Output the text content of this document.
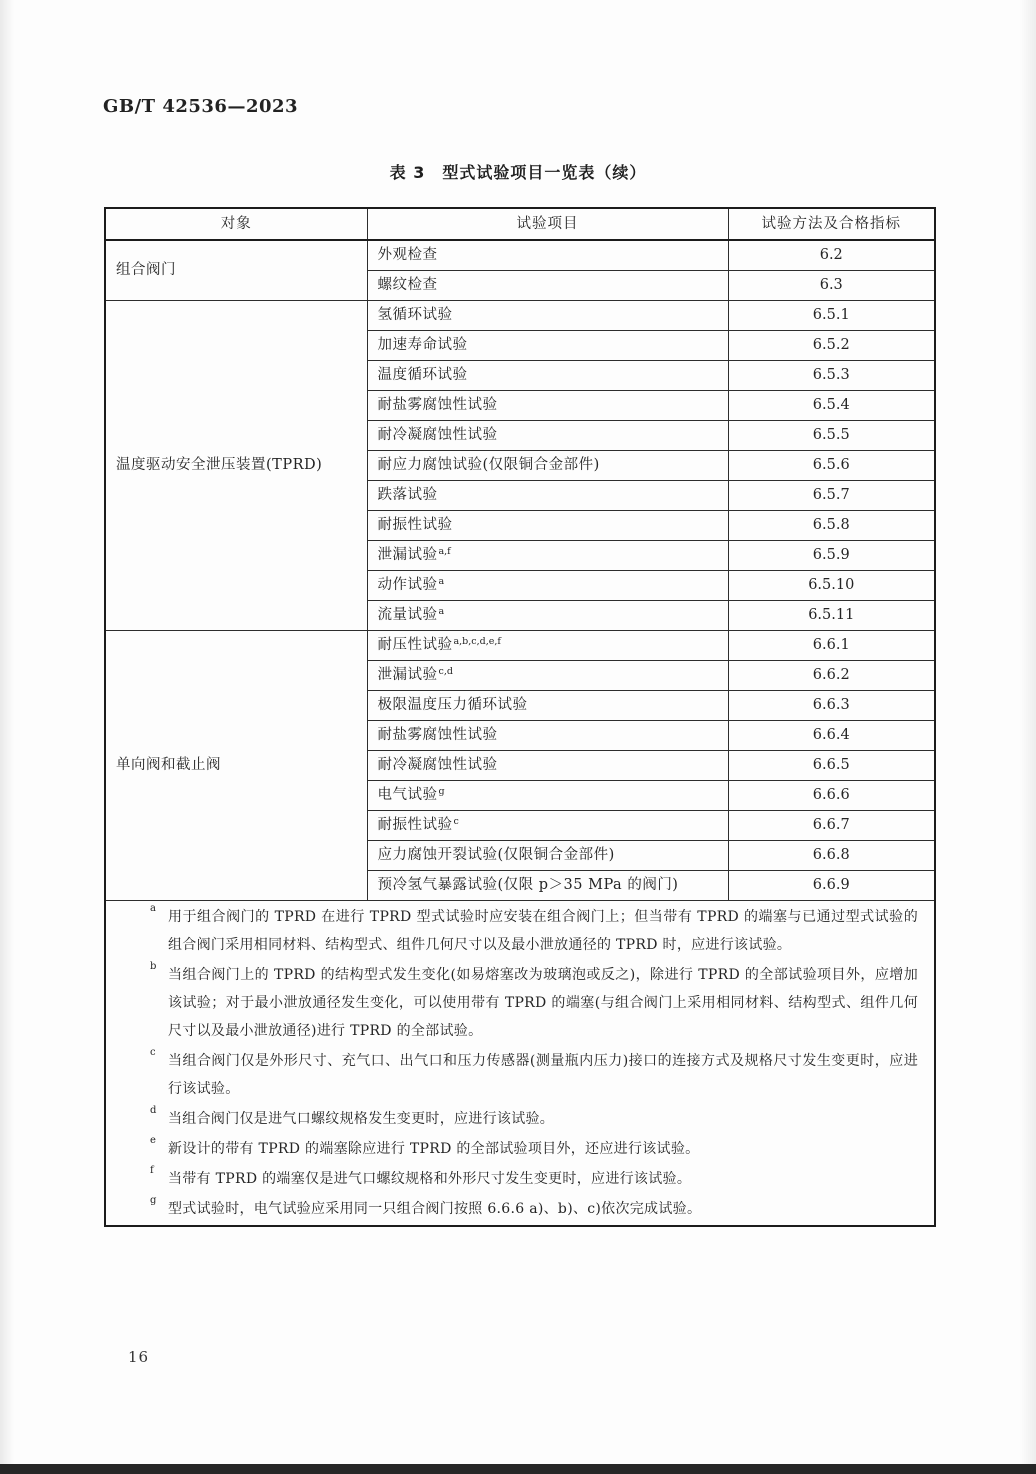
GB/T 42536—2023
表 3　型式试验项目一览表（续）
对象	试验项目	试验方法及合格指标
组合阀门	外观检查	6.2
	螺纹检查	6.3
温度驱动安全泄压装置(TPRD)	氢循环试验	6.5.1
	加速寿命试验	6.5.2
	温度循环试验	6.5.3
	耐盐雾腐蚀性试验	6.5.4
	耐冷凝腐蚀性试验	6.5.5
	耐应力腐蚀试验(仅限铜合金部件)	6.5.6
	跌落试验	6.5.7
	耐振性试验	6.5.8
	泄漏试验$^{a,f}$	6.5.9
	动作试验$^a$	6.5.10
	流量试验$^a$	6.5.11
单向阀和截止阀	耐压性试验$^{a,b,c,d,e,f}$	6.6.1
	泄漏试验$^{c,d}$	6.6.2
	极限温度压力循环试验	6.6.3
	耐盐雾腐蚀性试验	6.6.4
	耐冷凝腐蚀性试验	6.6.5
	电气试验$^g$	6.6.6
	耐振性试验$^c$	6.6.7
	应力腐蚀开裂试验(仅限铜合金部件)	6.6.8
	预冷氢气暴露试验(仅限 p＞35 MPa 的阀门)	6.6.9

a
用于组合阀门的 TPRD 在进行 TPRD 型式试验时应安装在组合阀门上；但当带有 TPRD 的端塞与已通过型式试验的组合阀门采用相同材料、结构型式、组件几何尺寸以及最小泄放通径的 TPRD 时，应进行该试验。
b
当组合阀门上的 TPRD 的结构型式发生变化(如易熔塞改为玻璃泡或反之)，除进行 TPRD 的全部试验项目外，应增加该试验；对于最小泄放通径发生变化，可以使用带有 TPRD 的端塞(与组合阀门上采用相同材料、结构型式、组件几何尺寸以及最小泄放通径)进行 TPRD 的全部试验。
c
当组合阀门仅是外形尺寸、充气口、出气口和压力传感器(测量瓶内压力)接口的连接方式及规格尺寸发生变更时，应进行该试验。
d
当组合阀门仅是进气口螺纹规格发生变更时，应进行该试验。
e
新设计的带有 TPRD 的端塞除应进行 TPRD 的全部试验项目外，还应进行该试验。
f
当带有 TPRD 的端塞仅是进气口螺纹规格和外形尺寸发生变更时，应进行该试验。
g
型式试验时，电气试验应采用同一只组合阀门按照 6.6.6 a)、b)、c)依次完成试验。
16
